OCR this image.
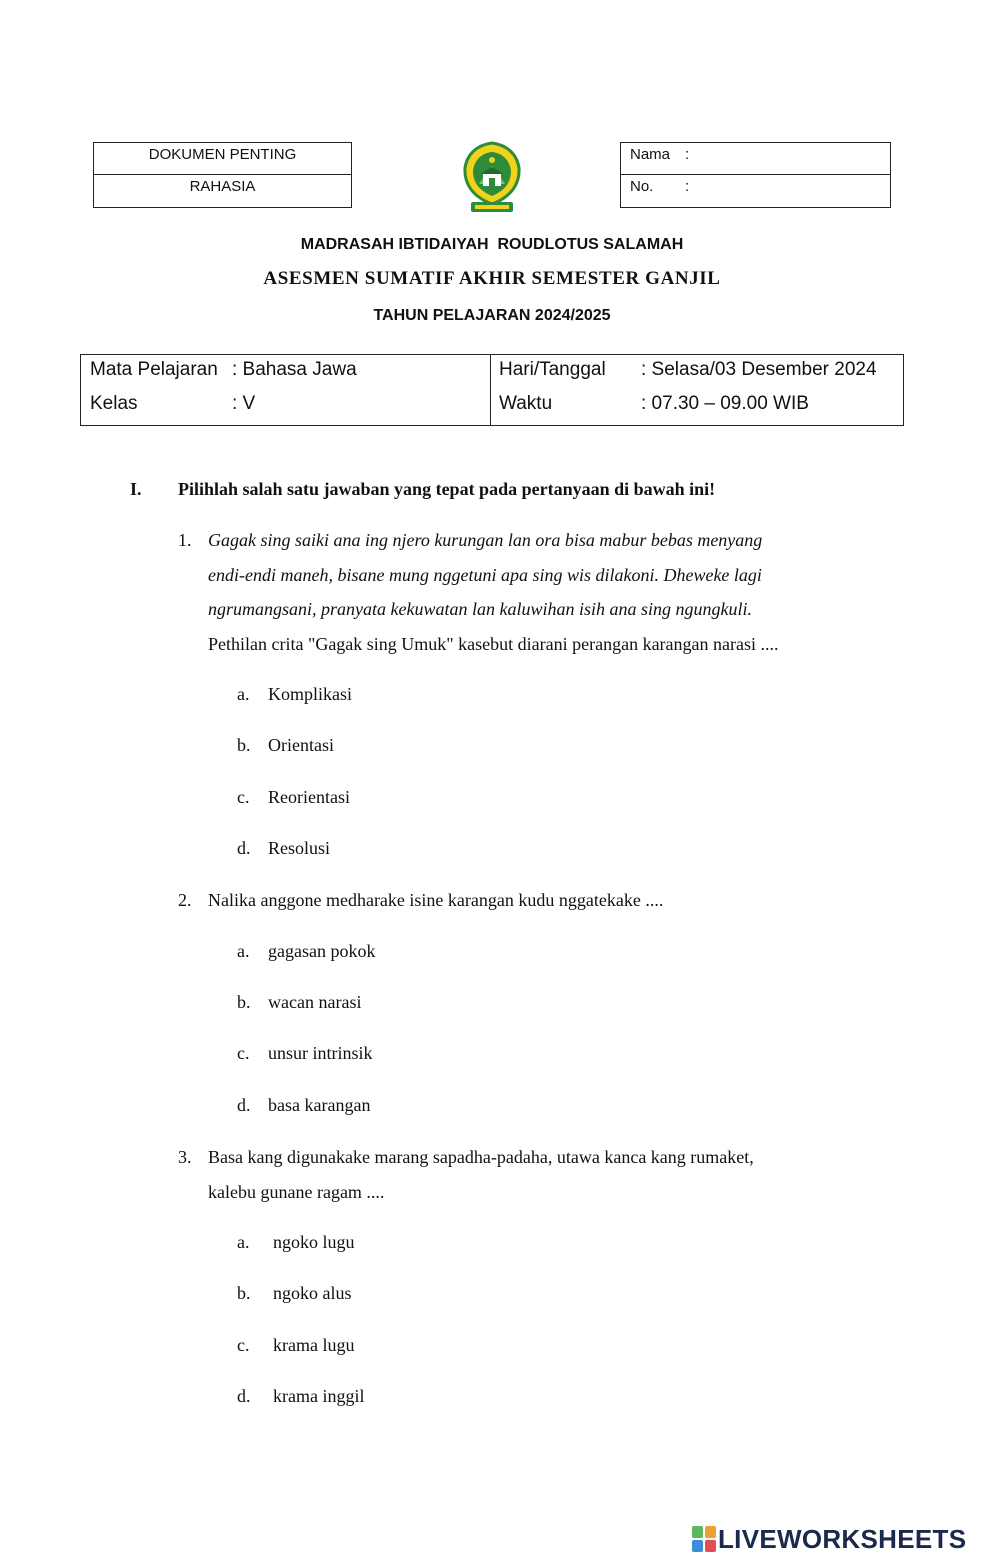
DOKUMEN PENTING
RAHASIA
Nama :
No.	:
MADRASAH IBTIDAIYAH  ROUDLOTUS SALAMAH
ASESMEN SUMATIF AKHIR SEMESTER GANJIL
TAHUN PELAJARAN 2024/2025
Mata Pelajaran : Bahasa Jawa
Kelas	: V
Hari/Tanggal	: Selasa/03 Desember 2024
Waktu	: 07.30 – 09.00 WIB
I.	Pilihlah salah satu jawaban yang tepat pada pertanyaan di bawah ini!
1. Gagak sing saiki ana ing njero kurungan lan ora bisa mabur bebas menyang
endi-endi maneh, bisane mung nggetuni apa sing wis dilakoni. Dheweke lagi
ngrumangsani, pranyata kekuwatan lan kaluwihan isih ana sing ngungkuli.
Pethilan crita "Gagak sing Umuk" kasebut diarani perangan karangan narasi ....
a.	Komplikasi
b. Orientasi
c.	Reorientasi
d. Resolusi
2. Nalika anggone medharake isine karangan kudu nggatekake ....
a.	gagasan pokok
b. wacan narasi
c.	unsur intrinsik
d. basa karangan
3. Basa kang digunakake marang sapadha-padaha, utawa kanca kang rumaket,
kalebu gunane ragam ....
a.	ngoko lugu
b.	ngoko alus
c.	krama lugu
d.	krama inggil
LIVEWORKSHEETS
